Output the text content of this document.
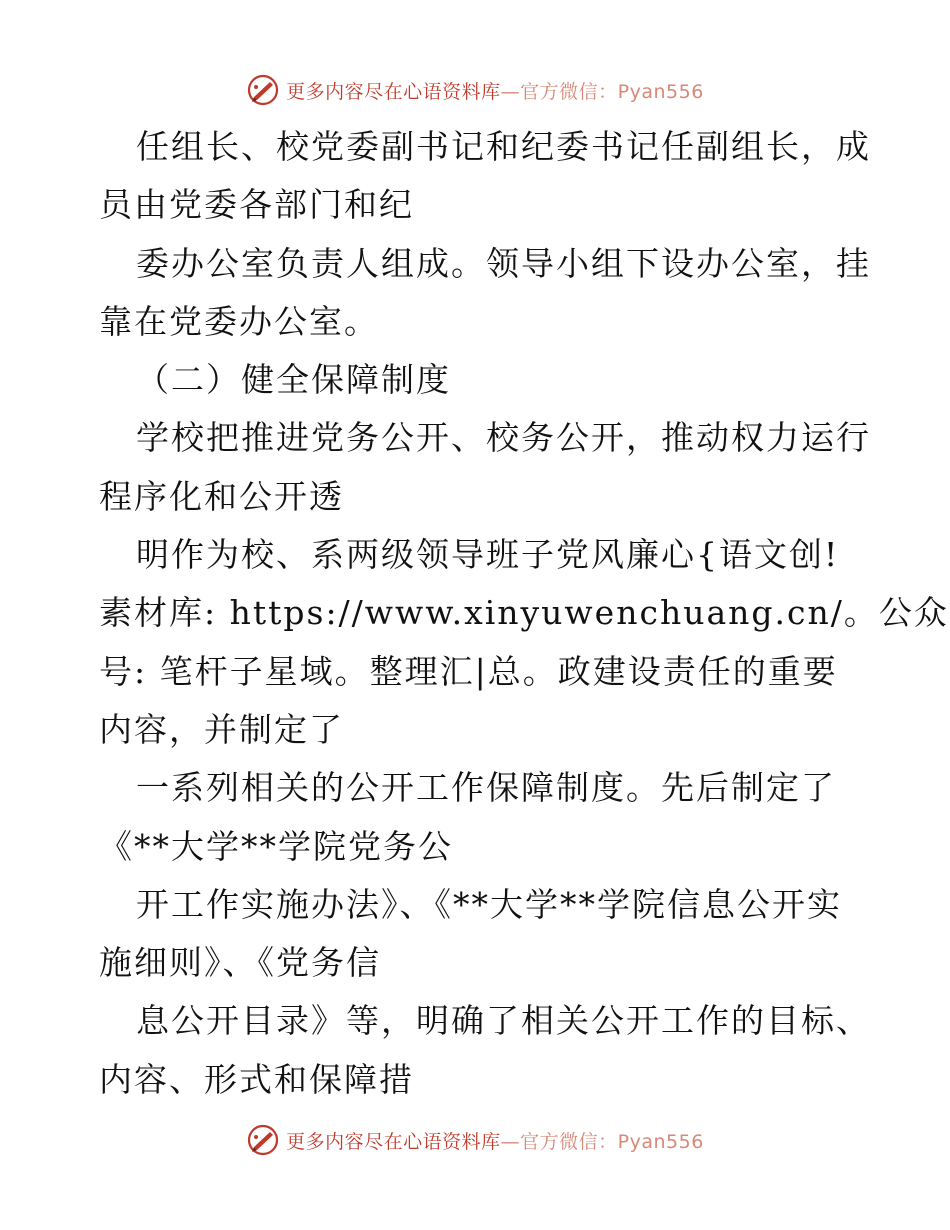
更多内容尽在心语资料库—官方微信：Pyan556
任组长、校党委副书记和纪委书记任副组长，成
员由党委各部门和纪
委办公室负责人组成。领导小组下设办公室，挂
靠在党委办公室。
（二）健全保障制度
学校把推进党务公开、校务公开，推动权力运行
程序化和公开透
明作为校、系两级领导班子党风廉心{语文创!
素材库: https://www.xinyuwenchuang.cn/。公众
号: 笔杆子星域。整理汇|总。政建设责任的重要
内容，并制定了
一系列相关的公开工作保障制度。先后制定了
《**大学**学院党务公
开工作实施办法》、《**大学**学院信息公开实
施细则》、《党务信
息公开目录》等，明确了相关公开工作的目标、
内容、形式和保障措
更多内容尽在心语资料库—官方微信：Pyan556
